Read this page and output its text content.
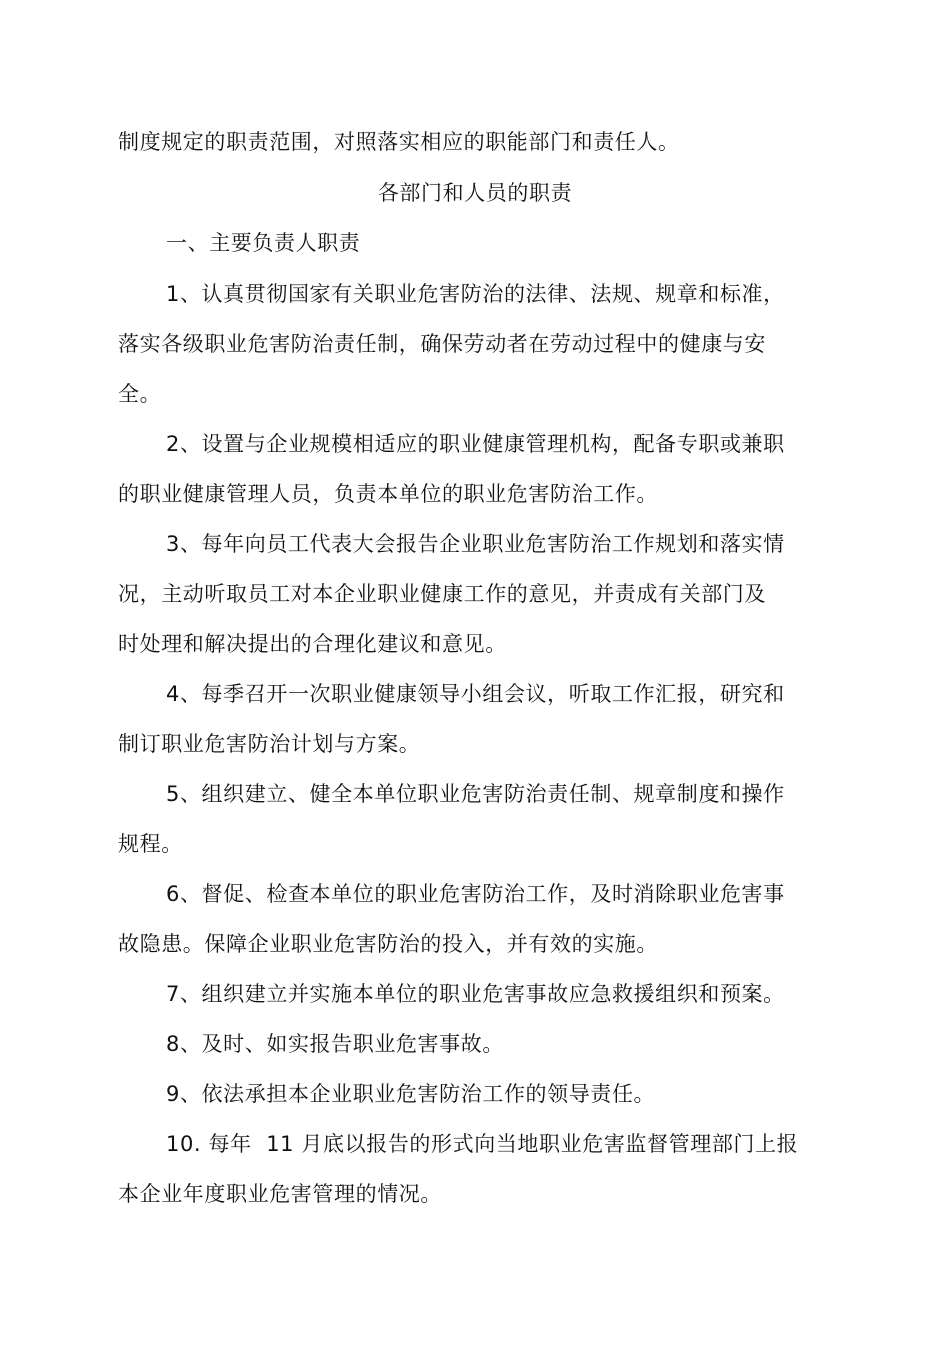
制度规定的职责范围，对照落实相应的职能部门和责任人。
各部门和人员的职责
一、主要负责人职责
1、认真贯彻国家有关职业危害防治的法律、法规、规章和标准，
落实各级职业危害防治责任制，确保劳动者在劳动过程中的健康与安
全。
2、设置与企业规模相适应的职业健康管理机构，配备专职或兼职
的职业健康管理人员，负责本单位的职业危害防治工作。
3、每年向员工代表大会报告企业职业危害防治工作规划和落实情
况，主动听取员工对本企业职业健康工作的意见，并责成有关部门及
时处理和解决提出的合理化建议和意见。
4、每季召开一次职业健康领导小组会议，听取工作汇报，研究和
制订职业危害防治计划与方案。
5、组织建立、健全本单位职业危害防治责任制、规章制度和操作
规程。
6、督促、检查本单位的职业危害防治工作，及时消除职业危害事
故隐患。保障企业职业危害防治的投入，并有效的实施。
7、组织建立并实施本单位的职业危害事故应急救援组织和预案。
8、及时、如实报告职业危害事故。
9、依法承担本企业职业危害防治工作的领导责任。
10. 每年  11 月底以报告的形式向当地职业危害监督管理部门上报
本企业年度职业危害管理的情况。
